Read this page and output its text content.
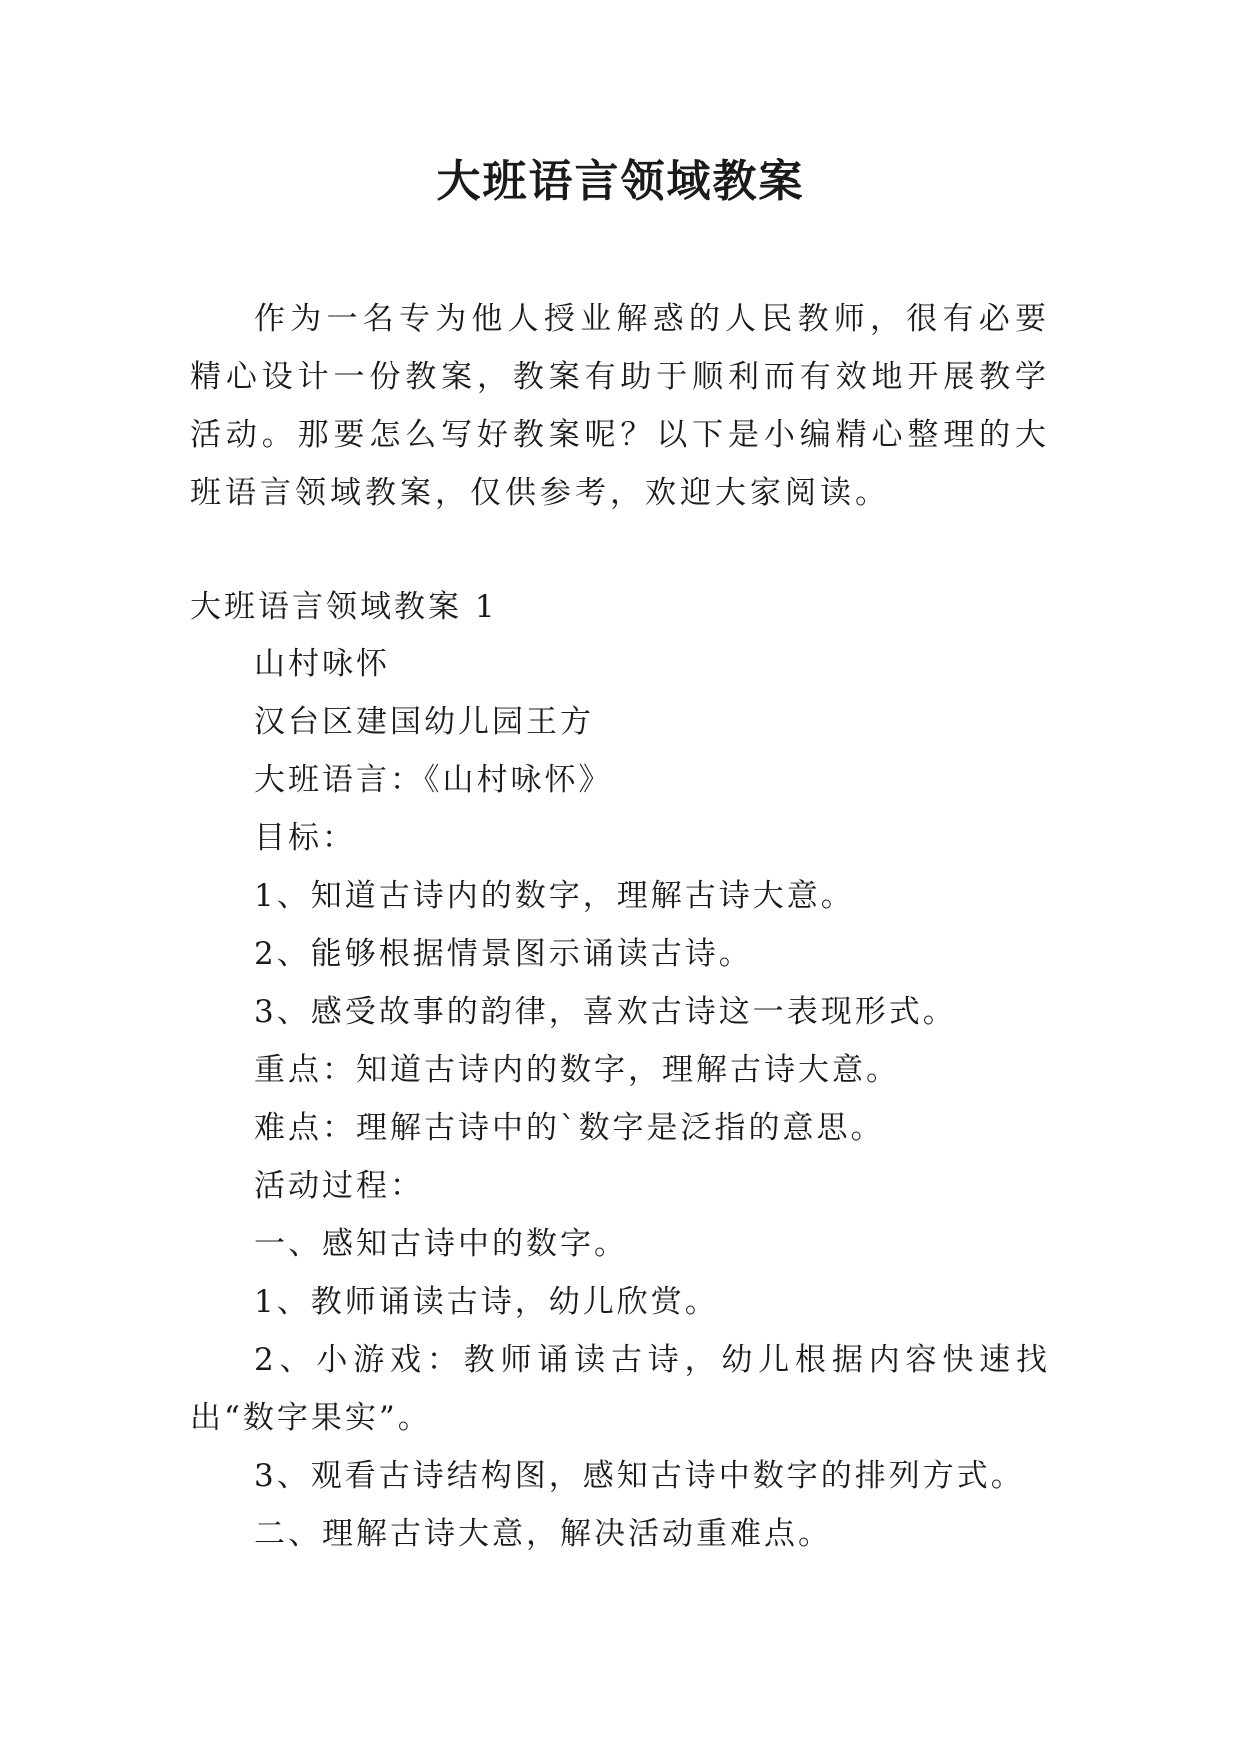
大班语言领域教案

作为一名专为他人授业解惑的人民教师，很有必要精心设计一份教案，教案有助于顺利而有效地开展教学活动。那要怎么写好教案呢？以下是小编精心整理的大班语言领域教案，仅供参考，欢迎大家阅读。

大班语言领域教案 1

山村咏怀
汉台区建国幼儿园王方
大班语言：《山村咏怀》
目标：
1、知道古诗内的数字，理解古诗大意。
2、能够根据情景图示诵读古诗。
3、感受故事的韵律，喜欢古诗这一表现形式。
重点：知道古诗内的数字，理解古诗大意。
难点：理解古诗中的`数字是泛指的意思。
活动过程：
一、感知古诗中的数字。
1、教师诵读古诗，幼儿欣赏。
2、小游戏：教师诵读古诗，幼儿根据内容快速找出“数字果实”。
3、观看古诗结构图，感知古诗中数字的排列方式。
二、理解古诗大意，解决活动重难点。
